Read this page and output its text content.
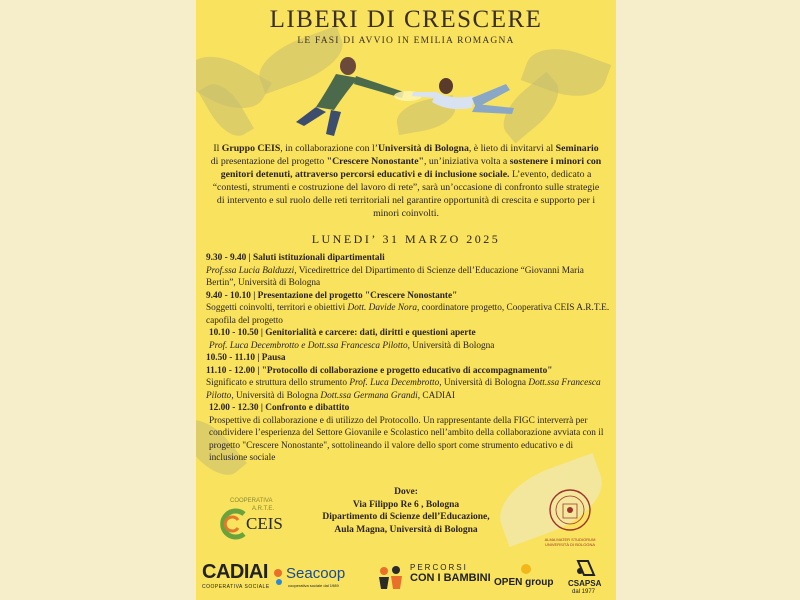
LIBERI DI CRESCERE
LE FASI DI AVVIO IN EMILIA ROMAGNA
Il Gruppo CEIS, in collaborazione con l’Università di Bologna, è lieto di invitarvi al Seminario di presentazione del progetto "Crescere Nonostante", un’iniziativa volta a sostenere i minori con genitori detenuti, attraverso percorsi educativi e di inclusione sociale. L’evento, dedicato a “contesti, strumenti e costruzione del lavoro di rete”, sarà un’occasione di confronto sulle strategie di intervento e sul ruolo delle reti territoriali nel garantire opportunità di crescita e supporto per i minori coinvolti.
LUNEDI’ 31 MARZO 2025
9.30 - 9.40 | Saluti istituzionali dipartimentali
Prof.ssa Lucia Balduzzi, Vicedirettrice del Dipartimento di Scienze dell’Educazione “Giovanni Maria Bertin”, Università di Bologna
9.40 - 10.10 | Presentazione del progetto "Crescere Nonostante"
Soggetti coinvolti, territori e obiettivi Dott. Davide Nora, coordinatore progetto, Cooperativa CEIS A.R.T.E. capofila del progetto
10.10 - 10.50 | Genitorialità e carcere: dati, diritti e questioni aperte
Prof. Luca Decembrotto e Dott.ssa Francesca Pilotto, Università di Bologna
10.50 - 11.10 | Pausa
11.10 - 12.00 | "Protocollo di collaborazione e progetto educativo di accompagnamento"
Significato e struttura dello strumento Prof. Luca Decembrotto, Università di Bologna Dott.ssa Francesca Pilotto, Università di Bologna Dott.ssa Germana Grandi, CADIAI
12.00 - 12.30 | Confronto e dibattito
Prospettive di collaborazione e di utilizzo del Protocollo. Un rappresentante della FIGC interverrà per condividere l’esperienza del Settore Giovanile e Scolastico nell’ambito della collaborazione avviata con il progetto "Crescere Nonostante", sottolineando il valore dello sport come strumento educativo e di inclusione sociale
Dove:
Via Filippo Re 6 , Bologna
Dipartimento di Scienze dell’Educazione,
Aula Magna, Università di Bologna
COOPERATIVA
A.R.T.E.
CEIS
ALMA MATER STUDIORUM UNIVERSITÀ DI BOLOGNA
CADIAI
COOPERATIVA SOCIALE
Seacoop
cooperativa sociale dal 1989
PERCORSI
CON I BAMBINI OPEN group CSAPSA
dal 1977
